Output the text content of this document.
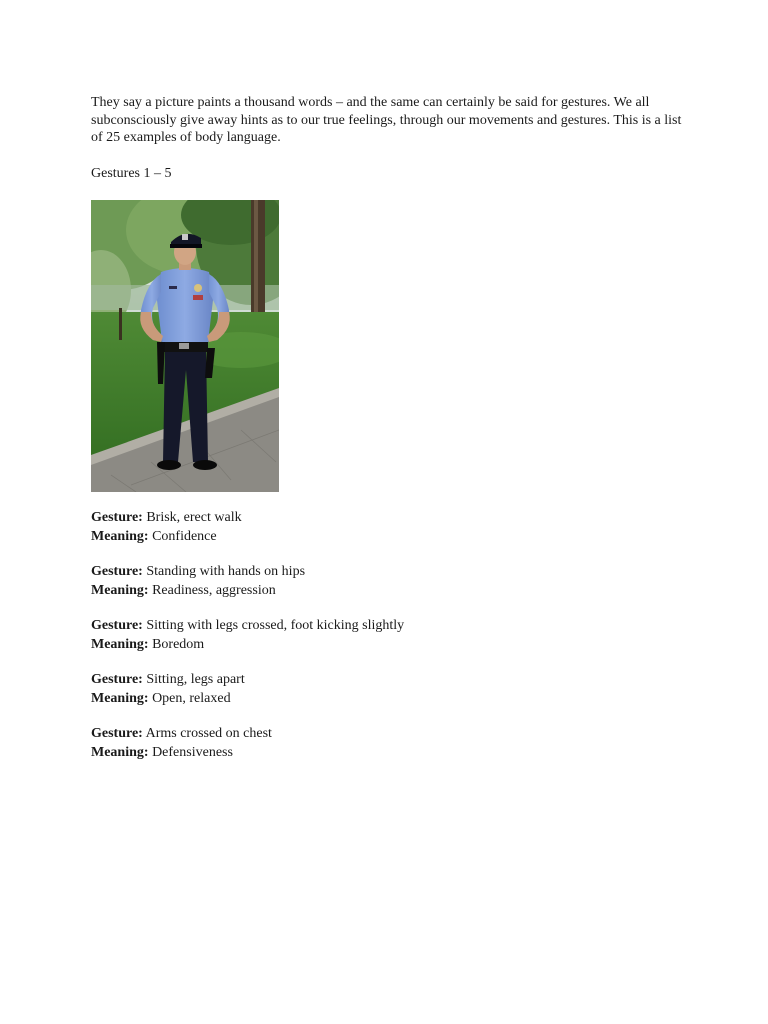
They say a picture paints a thousand words – and the same can certainly be said for gestures. We all subconsciously give away hints as to our true feelings, through our movements and gestures. This is a list of 25 examples of body language.

Gestures 1 – 5

Gesture: Brisk, erect walk
Meaning: Confidence
Gesture: Standing with hands on hips
Meaning: Readiness, aggression
Gesture: Sitting with legs crossed, foot kicking slightly
Meaning: Boredom
Gesture: Sitting, legs apart
Meaning: Open, relaxed
Gesture: Arms crossed on chest
Meaning: Defensiveness
